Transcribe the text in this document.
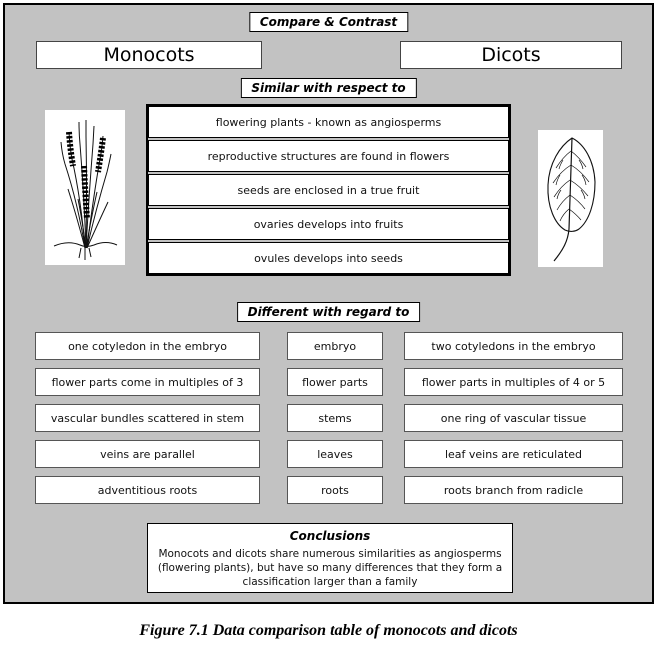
Compare & Contrast
Monocots	Dicots
Similar with respect to
flowering plants - known as angiosperms
reproductive structures are found in flowers
seeds are enclosed in a true fruit
ovaries develops into fruits
ovules develops into seeds
Different with regard to
one cotyledon in the embryo
flower parts come in multiples of 3
vascular bundles scattered in stem
veins are parallel
adventitious roots
embryo
flower parts
stems
leaves
roots
two cotyledons in the embryo
flower parts in multiples of 4 or 5
one ring of vascular tissue
leaf veins are reticulated
roots branch from radicle
Conclusions
Monocots and dicots share numerous similarities as angiosperms (flowering plants), but have so many differences that they form a classification larger than a family
Figure 7.1 Data comparison table of monocots and dicots
